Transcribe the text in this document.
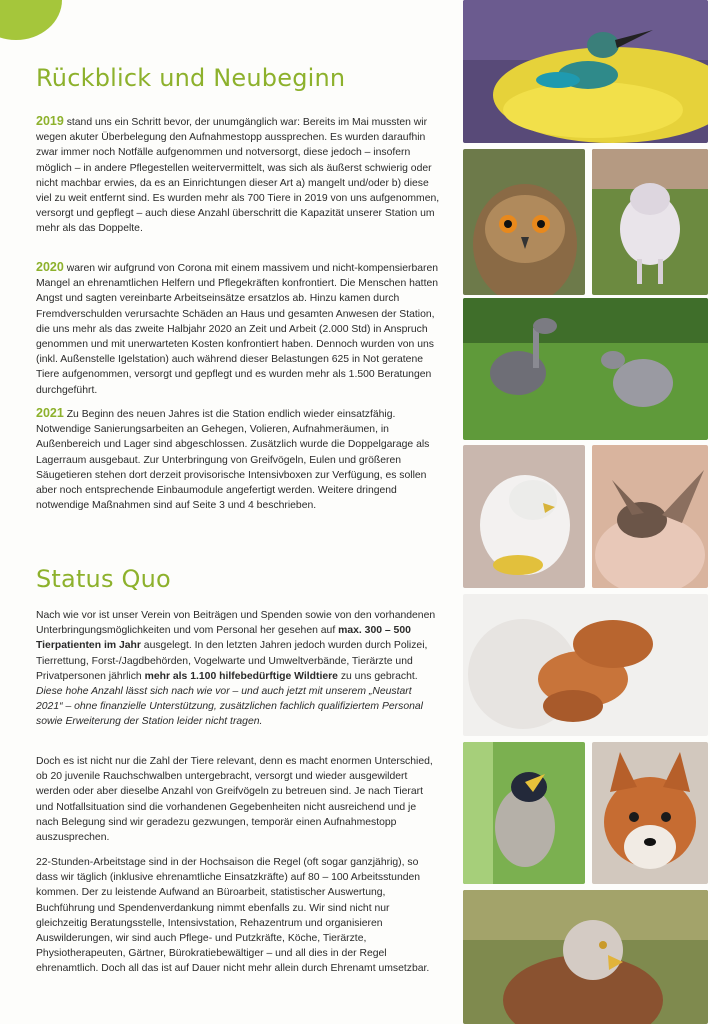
Rückblick und Neubeginn
2019 stand uns ein Schritt bevor, der unumgänglich war: Bereits im Mai mussten wir wegen akuter Überbelegung den Aufnahmestopp aussprechen. Es wurden daraufhin zwar immer noch Notfälle aufgenommen und notversorgt, diese jedoch – insofern möglich – in andere Pflegestellen weitervermittelt, was sich als äußerst schwierig oder nicht machbar erwies, da es an Einrichtungen dieser Art a) mangelt und/oder b) diese viel zu weit entfernt sind. Es wurden mehr als 700 Tiere in 2019 von uns aufgenommen, versorgt und gepflegt – auch diese Anzahl überschritt die Kapazität unserer Station um mehr als das Doppelte.
2020 waren wir aufgrund von Corona mit einem massivem und nicht-kompensierbaren Mangel an ehrenamtlichen Helfern und Pflegekräften konfrontiert. Die Menschen hatten Angst und sagten vereinbarte Arbeitseinsätze ersatzlos ab. Hinzu kamen durch Fremdverschulden verursachte Schäden an Haus und gesamten Anwesen der Station, die uns mehr als das zweite Halbjahr 2020 an Zeit und Arbeit (2.000 Std) in Anspruch genommen und mit unerwarteten Kosten konfrontiert haben. Dennoch wurden von uns (inkl. Außenstelle Igelstation) auch während dieser Belastungen 625 in Not geratene Tiere aufgenommen, versorgt und gepflegt und es wurden mehr als 1.500 Beratungen durchgeführt.
2021 Zu Beginn des neuen Jahres ist die Station endlich wieder einsatzfähig. Notwendige Sanierungsarbeiten an Gehegen, Volieren, Aufnahmeräumen, in Außenbereich und Lager sind abgeschlossen. Zusätzlich wurde die Doppelgarage als Lagerraum ausgebaut. Zur Unterbringung von Greifvögeln, Eulen und größeren Säugetieren stehen dort derzeit provisorische Intensivboxen zur Verfügung, es sollen aber noch entsprechende Einbaumodule angefertigt werden. Weitere dringend notwendige Maßnahmen sind auf Seite 3 und 4 beschrieben.
Status Quo
Nach wie vor ist unser Verein von Beiträgen und Spenden sowie von den vorhandenen Unterbringungsmöglichkeiten und vom Personal her gesehen auf max. 300 – 500 Tierpatienten im Jahr ausgelegt. In den letzten Jahren jedoch wurden durch Polizei, Tierrettung, Forst-/Jagdbehörden, Vogelwarte und Umweltverbände, Tierärzte und Privatpersonen jährlich mehr als 1.100 hilfebedürftige Wildtiere zu uns gebracht. Diese hohe Anzahl lässt sich nach wie vor – und auch jetzt mit unserem „Neustart 2021“ – ohne finanzielle Unterstützung, zusätzlichen fachlich qualifiziertem Personal sowie Erweiterung der Station leider nicht tragen.
Doch es ist nicht nur die Zahl der Tiere relevant, denn es macht enormen Unterschied, ob 20 juvenile Rauchschwalben untergebracht, versorgt und wieder ausgewildert werden oder aber dieselbe Anzahl von Greifvögeln zu betreuen sind. Je nach Tierart und Notfallsituation sind die vorhandenen Gegebenheiten nicht ausreichend und je nach Belegung sind wir geradezu gezwungen, temporär einen Aufnahmestopp auszusprechen.
22-Stunden-Arbeitstage sind in der Hochsaison die Regel (oft sogar ganzjährig), so dass wir täglich (inklusive ehrenamtliche Einsatzkräfte) auf 80 – 100 Arbeitsstunden kommen. Der zu leistende Aufwand an Büroarbeit, statistischer Auswertung, Buchführung und Spendenverdankung nimmt ebenfalls zu. Wir sind nicht nur gleichzeitig Beratungsstelle, Intensivstation, Rehazentrum und organisieren Auswilderungen, wir sind auch Pflege- und Putzkräfte, Köche, Tierärzte, Physiotherapeuten, Gärtner, Bürokratiebewältiger – und all dies in der Regel ehrenamtlich. Doch all das ist auf Dauer nicht mehr allein durch Ehrenamt umsetzbar.
